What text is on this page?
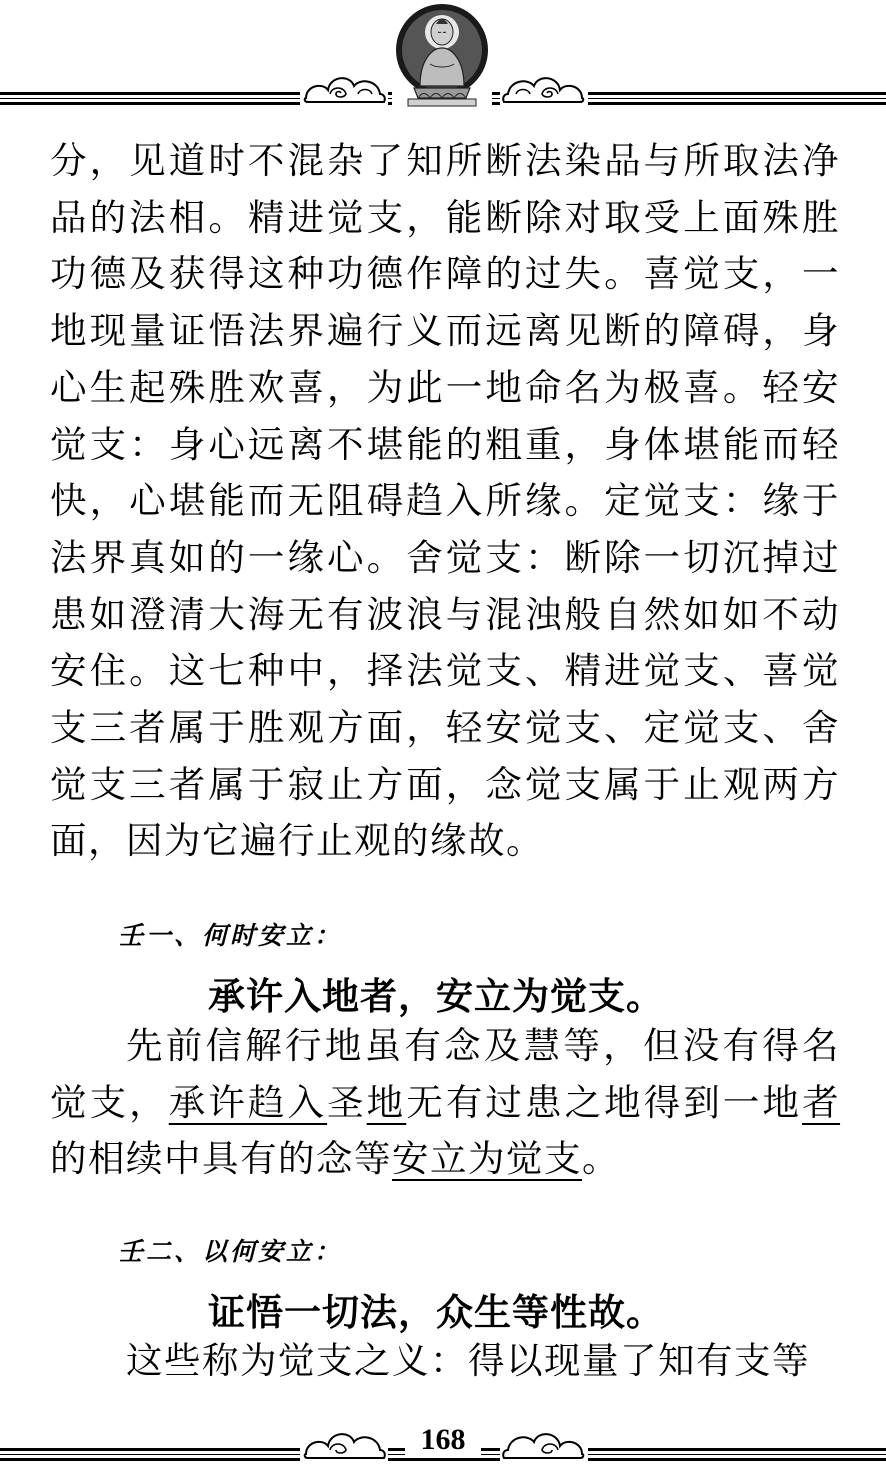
分，见道时不混杂了知所断法染品与所取法净品的法相。精进觉支，能断除对取受上面殊胜功德及获得这种功德作障的过失。喜觉支，一地现量证悟法界遍行义而远离见断的障碍，身心生起殊胜欢喜，为此一地命名为极喜。轻安觉支：身心远离不堪能的粗重，身体堪能而轻快，心堪能而无阻碍趋入所缘。定觉支：缘于法界真如的一缘心。舍觉支：断除一切沉掉过患如澄清大海无有波浪与混浊般自然如如不动安住。这七种中，择法觉支、精进觉支、喜觉支三者属于胜观方面，轻安觉支、定觉支、舍觉支三者属于寂止方面，念觉支属于止观两方面，因为它遍行止观的缘故。

壬一、何时安立：
承许入地者，安立为觉支。

先前信解行地虽有念及慧等，但没有得名觉支，承许趋入圣地无有过患之地得到一地者的相续中具有的念等安立为觉支。

壬二、以何安立：
证悟一切法，众生等性故。

这些称为觉支之义：得以现量了知有支等

168
